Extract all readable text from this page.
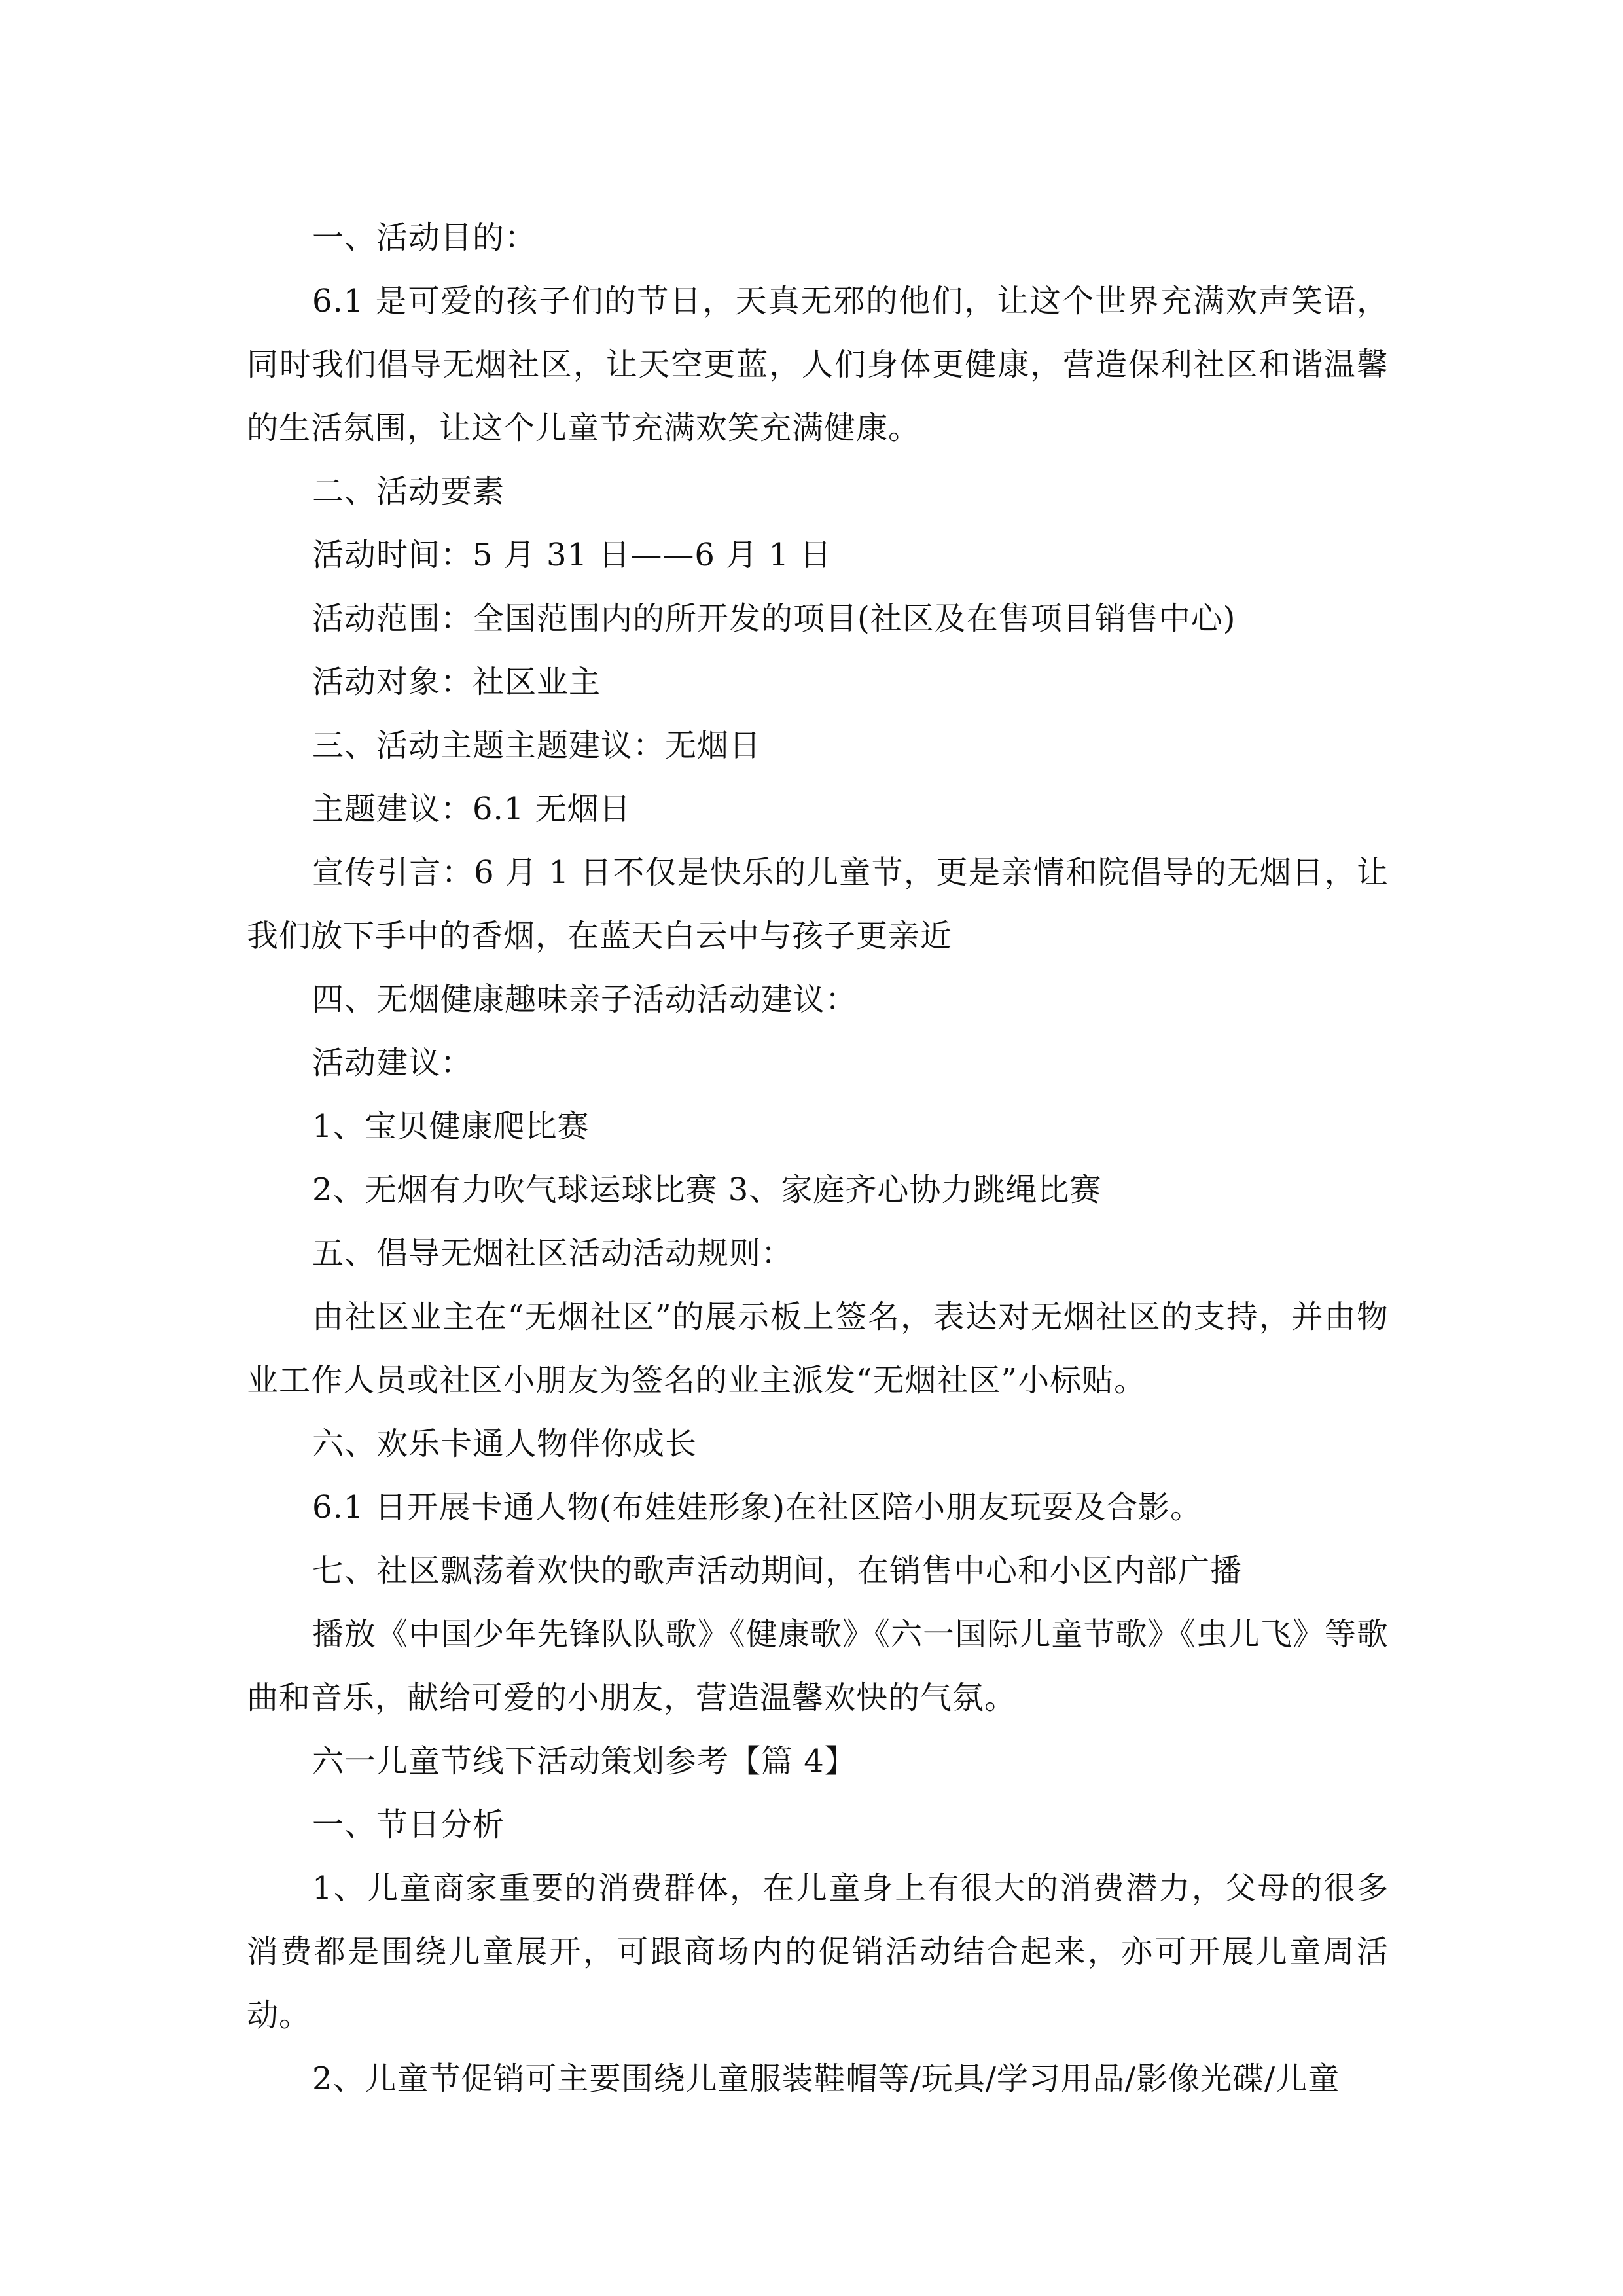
一、活动目的：

6.1 是可爱的孩子们的节日，天真无邪的他们，让这个世界充满欢声笑语，同时我们倡导无烟社区，让天空更蓝，人们身体更健康，营造保利社区和谐温馨的生活氛围，让这个儿童节充满欢笑充满健康。

二、活动要素

活动时间：5 月 31 日——6 月 1 日

活动范围：全国范围内的所开发的项目(社区及在售项目销售中心)

活动对象：社区业主

三、活动主题主题建议：无烟日

主题建议：6.1 无烟日

宣传引言：6 月 1 日不仅是快乐的儿童节，更是亲情和院倡导的无烟日，让我们放下手中的香烟，在蓝天白云中与孩子更亲近

四、无烟健康趣味亲子活动活动建议：

活动建议：

1、宝贝健康爬比赛

2、无烟有力吹气球运球比赛 3、家庭齐心协力跳绳比赛

五、倡导无烟社区活动活动规则：

由社区业主在“无烟社区”的展示板上签名，表达对无烟社区的支持，并由物业工作人员或社区小朋友为签名的业主派发“无烟社区”小标贴。

六、欢乐卡通人物伴你成长

6.1 日开展卡通人物(布娃娃形象)在社区陪小朋友玩耍及合影。

七、社区飘荡着欢快的歌声活动期间，在销售中心和小区内部广播

播放《中国少年先锋队队歌》《健康歌》《六一国际儿童节歌》《虫儿飞》等歌曲和音乐，献给可爱的小朋友，营造温馨欢快的气氛。

六一儿童节线下活动策划参考【篇 4】

一、节日分析

1、儿童商家重要的消费群体，在儿童身上有很大的消费潜力，父母的很多消费都是围绕儿童展开，可跟商场内的促销活动结合起来，亦可开展儿童周活动。

2、儿童节促销可主要围绕儿童服装鞋帽等/玩具/学习用品/影像光碟/儿童
